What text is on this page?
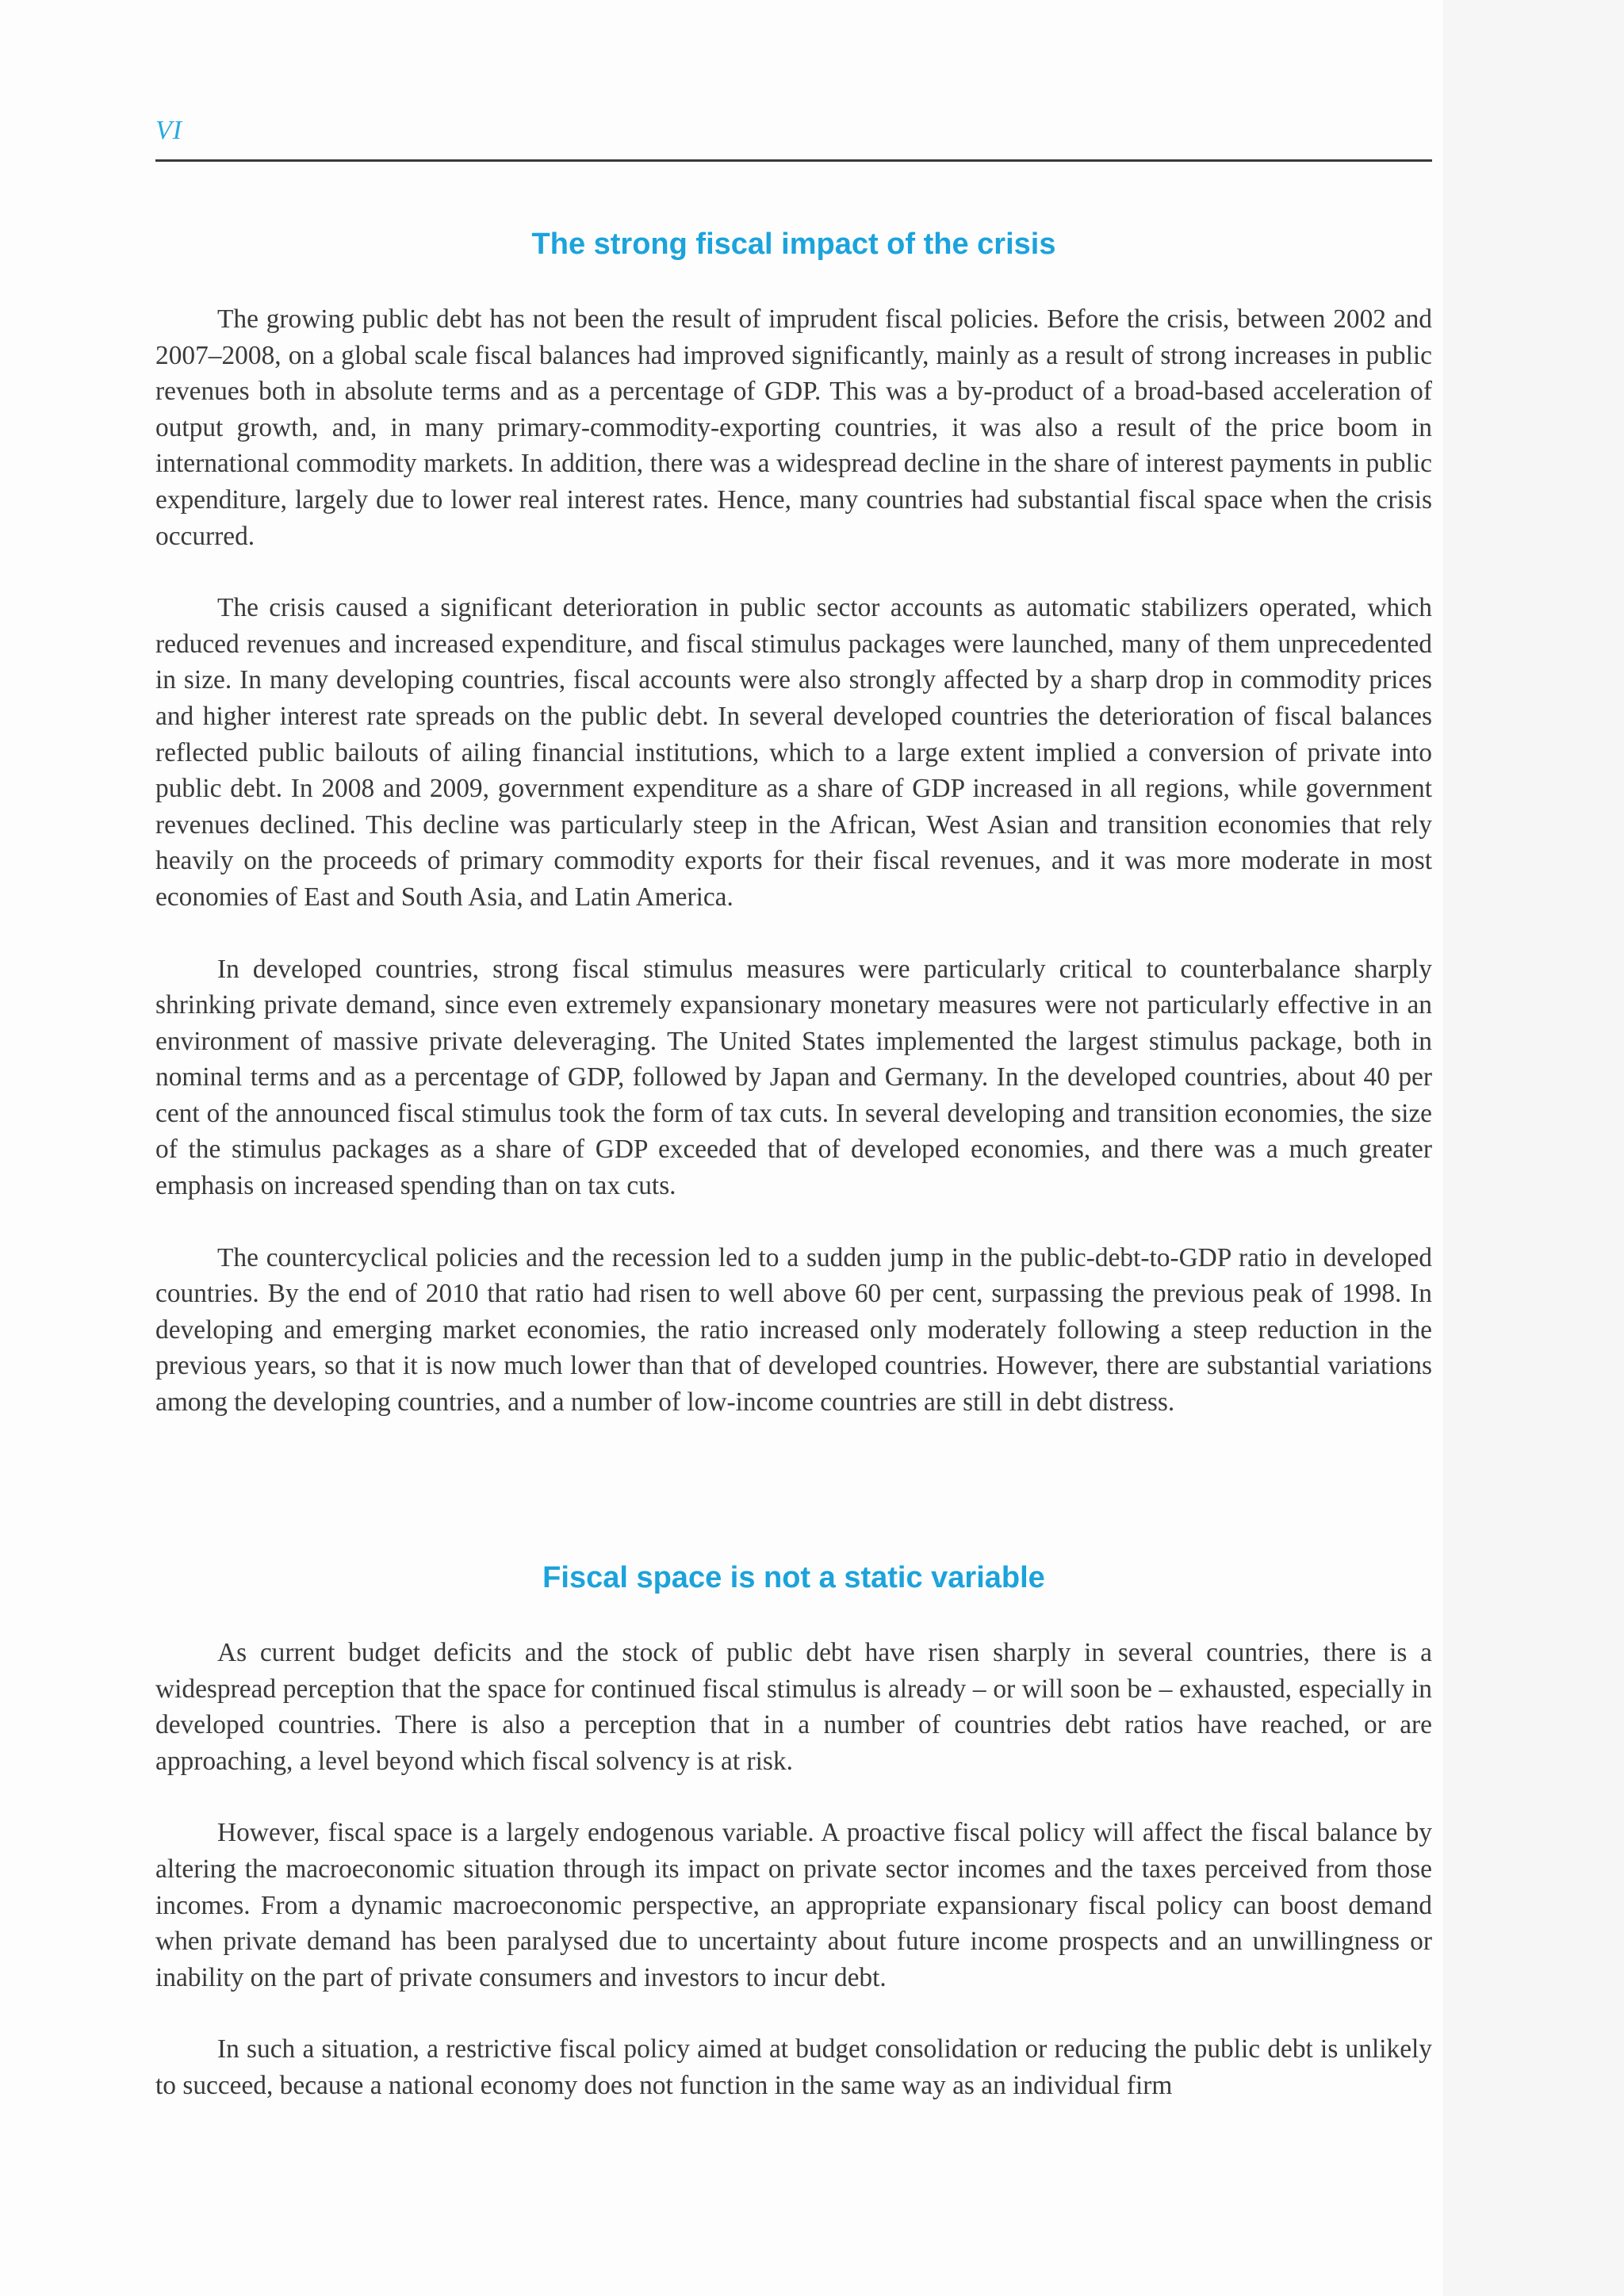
VI
The strong fiscal impact of the crisis

The growing public debt has not been the result of imprudent fiscal policies. Before the crisis, between 2002 and 2007–2008, on a global scale fiscal balances had improved significantly, mainly as a result of strong increases in public revenues both in absolute terms and as a percentage of GDP. This was a by-product of a broad-based acceleration of output growth, and, in many primary-commodity-exporting countries, it was also a result of the price boom in international commodity markets. In addition, there was a widespread decline in the share of interest payments in public expenditure, largely due to lower real interest rates. Hence, many countries had substantial fiscal space when the crisis occurred.

The crisis caused a significant deterioration in public sector accounts as automatic stabilizers operated, which reduced revenues and increased expenditure, and fiscal stimulus packages were launched, many of them unprecedented in size. In many developing countries, fiscal accounts were also strongly affected by a sharp drop in commodity prices and higher interest rate spreads on the public debt. In several developed countries the deterioration of fiscal balances reflected public bailouts of ailing financial institutions, which to a large extent implied a conversion of private into public debt. In 2008 and 2009, government expenditure as a share of GDP increased in all regions, while government revenues declined. This decline was particularly steep in the African, West Asian and transition economies that rely heavily on the proceeds of primary commodity exports for their fiscal revenues, and it was more moderate in most economies of East and South Asia, and Latin America.

In developed countries, strong fiscal stimulus measures were particularly critical to counterbalance sharply shrinking private demand, since even extremely expansionary monetary measures were not particularly effective in an environment of massive private deleveraging. The United States implemented the largest stimulus package, both in nominal terms and as a percentage of GDP, followed by Japan and Germany. In the developed countries, about 40 per cent of the announced fiscal stimulus took the form of tax cuts. In several developing and transition economies, the size of the stimulus packages as a share of GDP exceeded that of developed economies, and there was a much greater emphasis on increased spending than on tax cuts.

The countercyclical policies and the recession led to a sudden jump in the public-debt-to-GDP ratio in developed countries. By the end of 2010 that ratio had risen to well above 60 per cent, surpassing the previous peak of 1998. In developing and emerging market economies, the ratio increased only moderately following a steep reduction in the previous years, so that it is now much lower than that of developed countries. However, there are substantial variations among the developing countries, and a number of low-income countries are still in debt distress.

Fiscal space is not a static variable

As current budget deficits and the stock of public debt have risen sharply in several countries, there is a widespread perception that the space for continued fiscal stimulus is already – or will soon be – exhausted, especially in developed countries. There is also a perception that in a number of countries debt ratios have reached, or are approaching, a level beyond which fiscal solvency is at risk.

However, fiscal space is a largely endogenous variable. A proactive fiscal policy will affect the fiscal balance by altering the macroeconomic situation through its impact on private sector incomes and the taxes perceived from those incomes. From a dynamic macroeconomic perspective, an appropriate expansionary fiscal policy can boost demand when private demand has been paralysed due to uncertainty about future income prospects and an unwillingness or inability on the part of private consumers and investors to incur debt.

In such a situation, a restrictive fiscal policy aimed at budget consolidation or reducing the public debt is unlikely to succeed, because a national economy does not function in the same way as an individual firm
